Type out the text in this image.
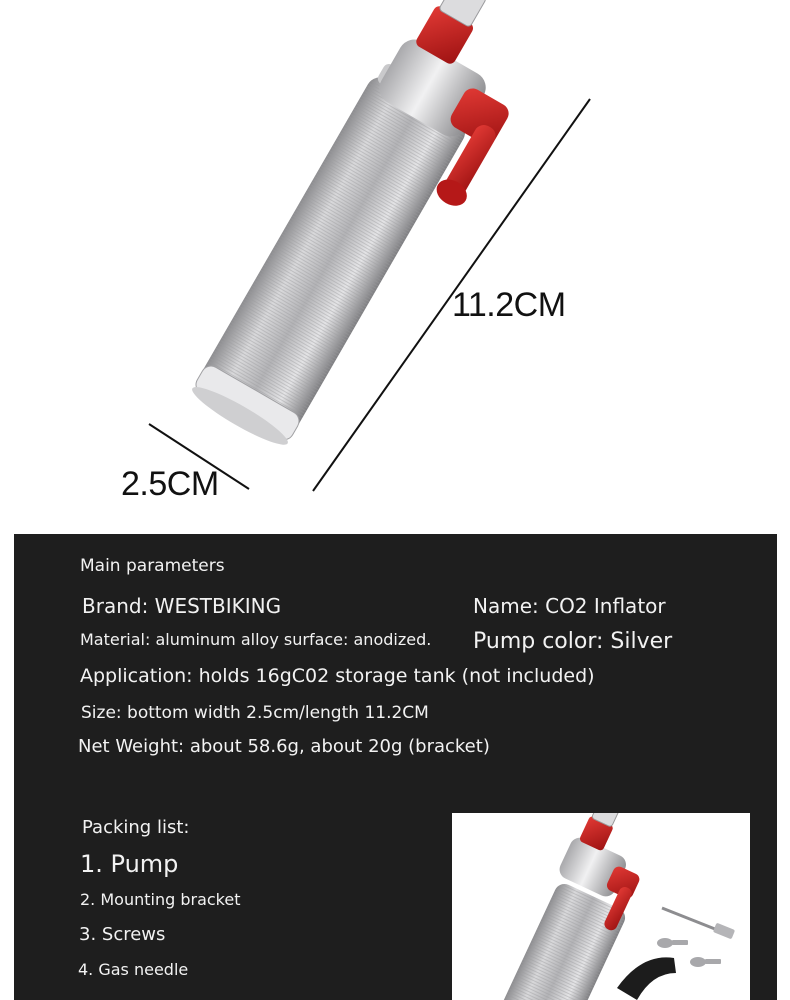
11.2CM
2.5CM
Main parameters
Brand: WESTBIKING	Name: CO2 Inflator
Material: aluminum alloy surface: anodized. Pump color: Silver
Application: holds 16gC02 storage tank (not included)
Size: bottom width 2.5cm/length 11.2CM
Net Weight: about 58.6g, about 20g (bracket)
Packing list:
1. Pump
2. Mounting bracket
3. Screws
4. Gas needle
